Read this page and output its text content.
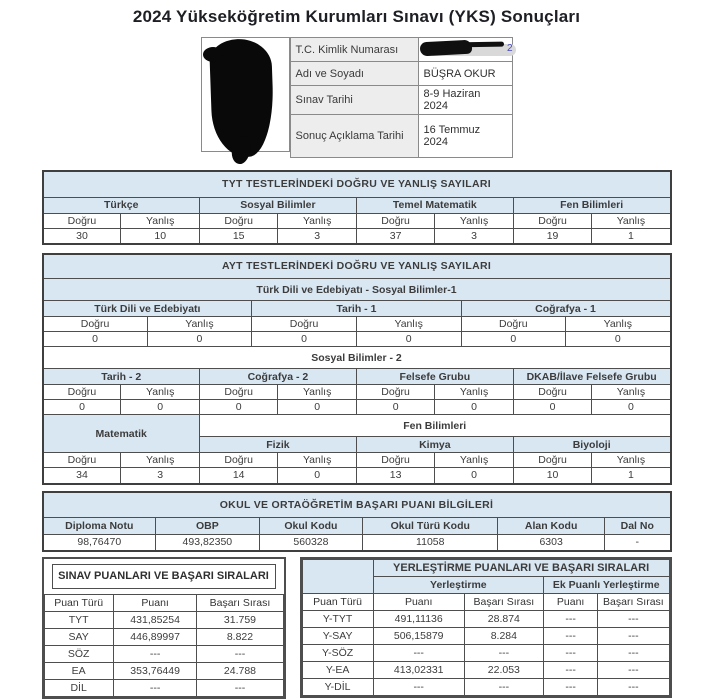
2024 Yükseköğretim Kurumları Sınavı (YKS) Sonuçları
T.C. Kimlik Numarası	2

Adı ve Soyadı	BÜŞRA OKUR
Sınav Tarihi	8-9 Haziran 2024
Sonuç Açıklama Tarihi	16 Temmuz 2024
TYT TESTLERİNDEKİ DOĞRU VE YANLIŞ SAYILARI							
Türkçe		Sosyal Bilimler		Temel Matematik		Fen Bilimleri	
Doğru	Yanlış	Doğru	Yanlış	Doğru	Yanlış	Doğru	Yanlış
30	10	15	3	37	3	19	1
AYT TESTLERİNDEKİ DOĞRU VE YANLIŞ SAYILARI											
Türk Dili ve Edebiyatı - Sosyal Bilimler-1											
Türk Dili ve Edebiyatı				Tarih - 1				Coğrafya - 1			
Doğru		Yanlış		Doğru		Yanlış		Doğru		Yanlış	
0		0		0		0		0		0	
Sosyal Bilimler - 2											
Tarih - 2			Coğrafya - 2			Felsefe Grubu			DKAB/İlave Felsefe Grubu		
Doğru	Yanlış		Doğru		Yanlış	Doğru	Yanlış		Doğru		Yanlış
0	0		0		0	0	0		0		0
Matematik			Fen Bilimleri								
			Fizik			Kimya			Biyoloji		
Doğru	Yanlış		Doğru		Yanlış	Doğru	Yanlış		Doğru		Yanlış
34	3		14		0	13	0		10		1
OKUL VE ORTAÖĞRETİM BAŞARI PUANI BİLGİLERİ					
Diploma Notu	OBP	Okul Kodu	Okul Türü Kodu	Alan Kodu	Dal No
98,76470	493,82350	560328	11058	6303	-
SINAV PUANLARI VE BAŞARI SIRALARI
Puan Türü	Puanı	Başarı Sırası
TYT	431,85254	31.759
SAY	446,89997	8.822
SÖZ	---	---
EA	353,76449	24.788
DİL	---	---
	YERLEŞTİRME PUANLARI VE BAŞARI SIRALARI			
	Yerleştirme		Ek Puanlı Yerleştirme	
Puan Türü	Puanı	Başarı Sırası	Puanı	Başarı Sırası
Y-TYT	491,11136	28.874	---	---
Y-SAY	506,15879	8.284	---	---
Y-SÖZ	---	---	---	---
Y-EA	413,02331	22.053	---	---
Y-DİL	---	---	---	---
